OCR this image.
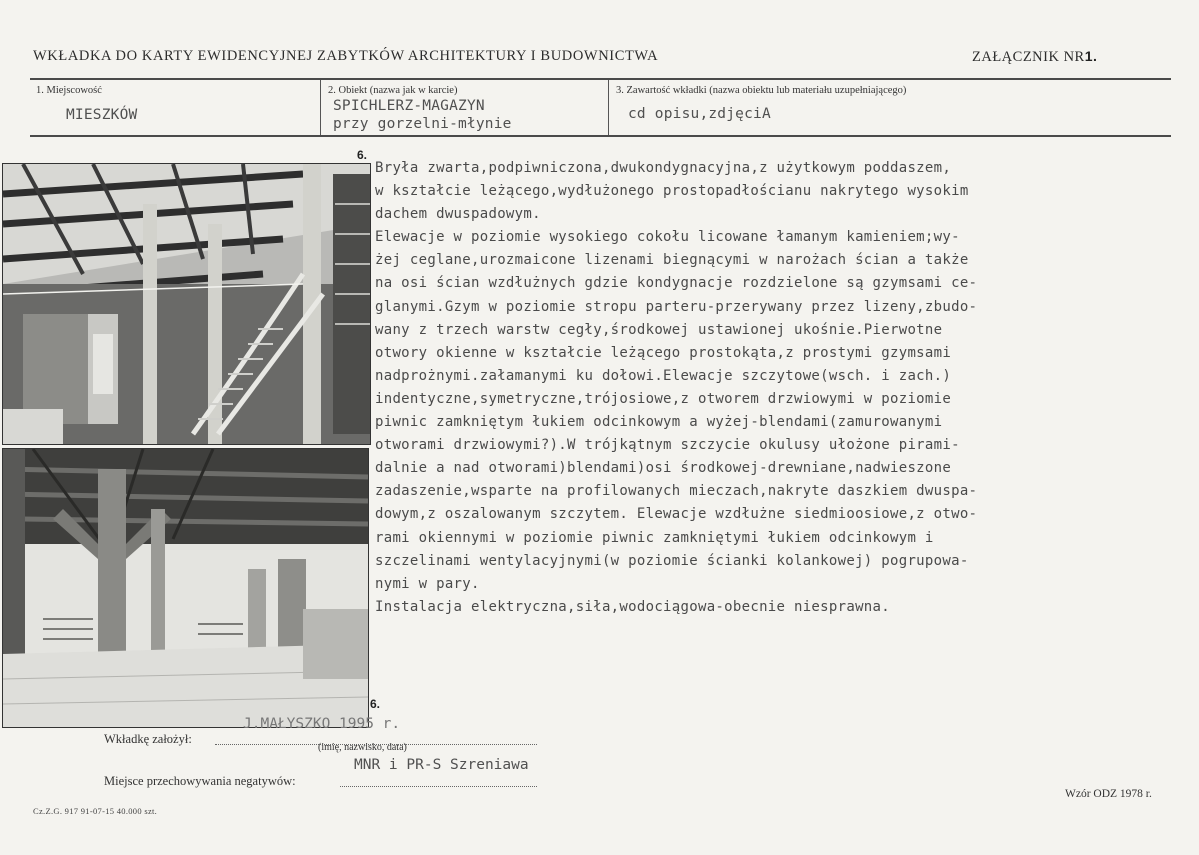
WKŁADKA DO KARTY EWIDENCYJNEJ ZABYTKÓW ARCHITEKTURY I BUDOWNICTWA	ZAŁĄCZNIK NR1.
1. Miejscowość
MIESZKÓW
2. Obiekt (nazwa jak w karcie)
SPICHLERZ-MAGAZYN
przy gorzelni-młynie
3. Zawartość wkładki (nazwa obiektu lub materiału uzupełniającego)
cd opisu,zdjęciA
6.
6.
Bryła zwarta,podpiwniczona,dwukondygnacyjna,z użytkowym poddaszem,
w kształcie leżącego,wydłużonego prostopadłościanu nakrytego wysokim
dachem dwuspadowym.
Elewacje w poziomie wysokiego cokołu licowane łamanym kamieniem;wy-
żej ceglane,urozmaicone lizenami biegnącymi w narożach ścian a także
na osi ścian wzdłużnych gdzie kondygnacje rozdzielone są gzymsami ce-
glanymi.Gzym w poziomie stropu parteru-przerywany przez lizeny,zbudo-
wany z trzech warstw cegły,środkowej ustawionej ukośnie.Pierwotne
otwory okienne w kształcie leżącego prostokąta,z prostymi gzymsami
nadprożnymi.załamanymi ku dołowi.Elewacje szczytowe(wsch. i zach.)
indentyczne,symetryczne,trójosiowe,z otworem drzwiowymi w poziomie
piwnic zamkniętym łukiem odcinkowym a wyżej-blendami(zamurowanymi
otworami drzwiowymi?).W trójkątnym szczycie okulusy ułożone pirami-
dalnie a nad otworami)blendami)osi środkowej-drewniane,nadwieszone
zadaszenie,wsparte na profilowanych mieczach,nakryte daszkiem dwuspa-
dowym,z oszalowanym szczytem. Elewacje wzdłużne siedmioosiowe,z otwo-
rami okiennymi w poziomie piwnic zamkniętymi łukiem odcinkowym i
szczelinami wentylacyjnymi(w poziomie ścianki kolankowej) pogrupowa-
nymi w pary.
Instalacja elektryczna,siła,wodociągowa-obecnie niesprawna.
J.MAŁYSZKO 1995 r.
Wkładkę założył:
(imię, nazwisko, data)
MNR i PR-S Szreniawa
Miejsce przechowywania negatywów:
Cz.Z.G. 917 91-07-15 40.000 szt.
Wzór ODZ 1978 r.
